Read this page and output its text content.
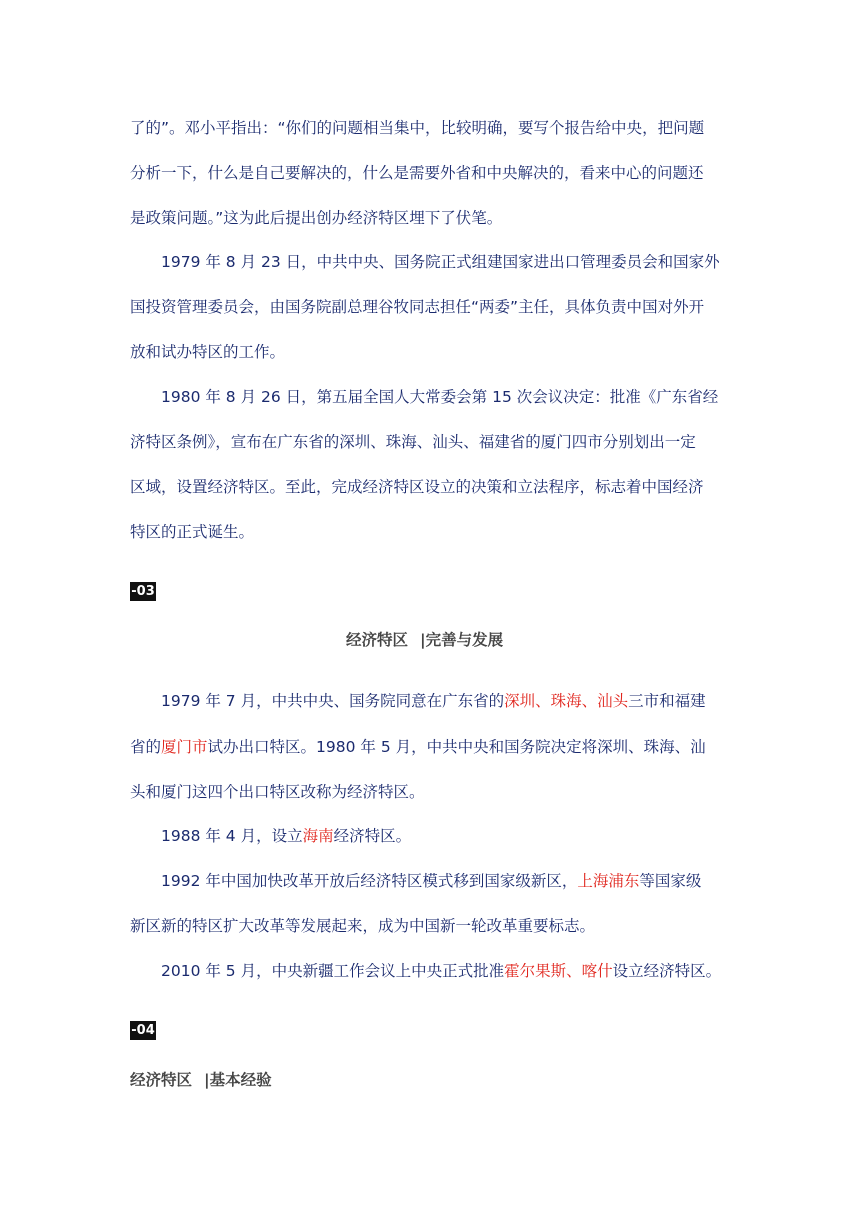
了的”。邓小平指出：“你们的问题相当集中，比较明确，要写个报告给中央，把问题
分析一下，什么是自己要解决的，什么是需要外省和中央解决的，看来中心的问题还
是政策问题。”这为此后提出创办经济特区埋下了伏笔。
1979 年 8 月 23 日，中共中央、国务院正式组建国家进出口管理委员会和国家外
国投资管理委员会，由国务院副总理谷牧同志担任“两委”主任，具体负责中国对外开
放和试办特区的工作。
1980 年 8 月 26 日，第五届全国人大常委会第 15 次会议决定：批准《广东省经
济特区条例》，宣布在广东省的深圳、珠海、汕头、福建省的厦门四市分别划出一定
区域，设置经济特区。至此，完成经济特区设立的决策和立法程序，标志着中国经济
特区的正式诞生。
-03
经济特区 |完善与发展
1979 年 7 月，中共中央、国务院同意在广东省的深圳、珠海、汕头三市和福建
省的厦门市试办出口特区。1980 年 5 月，中共中央和国务院决定将深圳、珠海、汕
头和厦门这四个出口特区改称为经济特区。
1988 年 4 月，设立海南经济特区。
1992 年中国加快改革开放后经济特区模式移到国家级新区，上海浦东等国家级
新区新的特区扩大改革等发展起来，成为中国新一轮改革重要标志。
2010 年 5 月，中央新疆工作会议上中央正式批准霍尔果斯、喀什设立经济特区。
-04
经济特区 |基本经验
